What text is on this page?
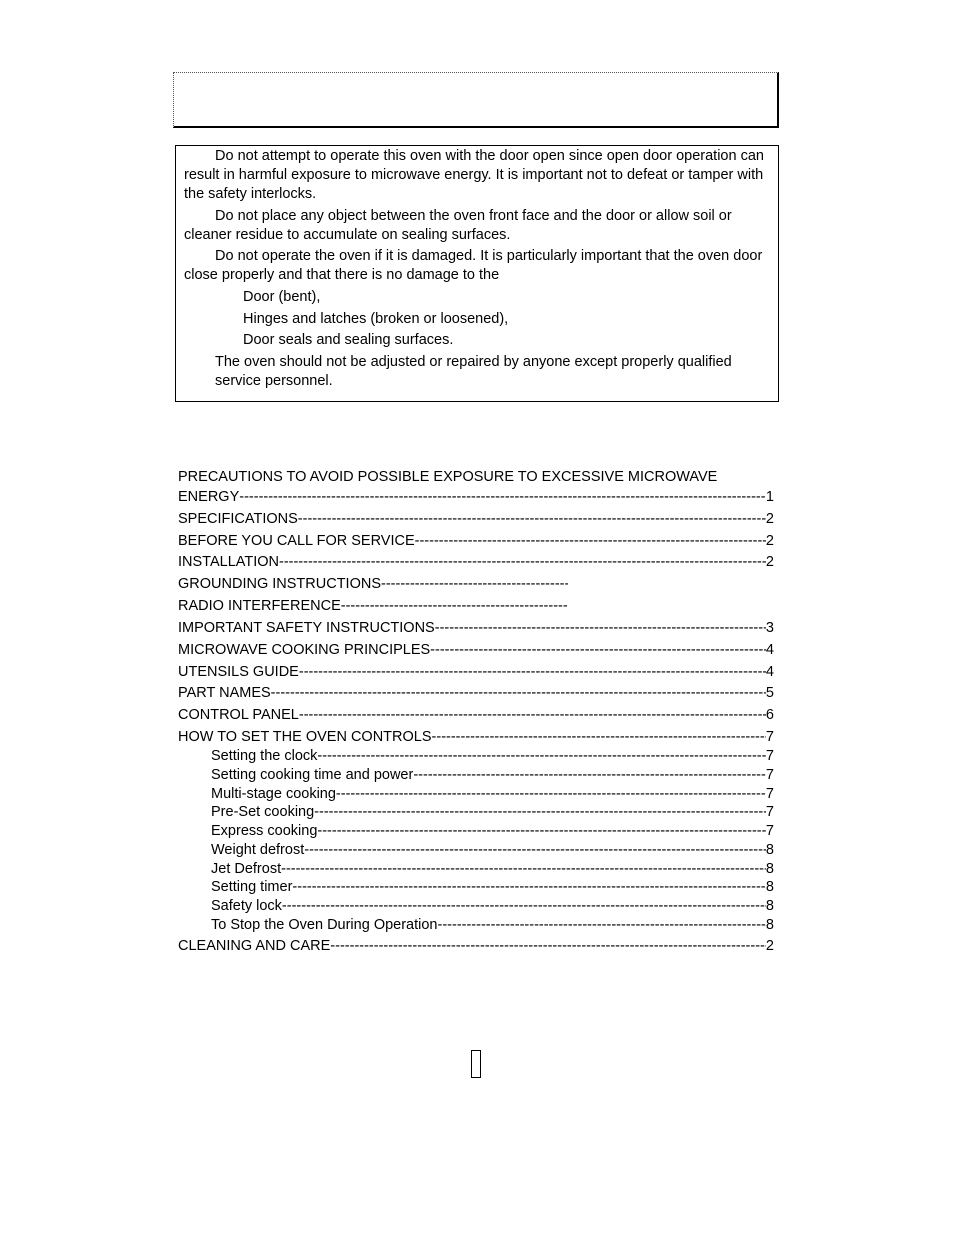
Do not attempt to operate this oven with the door open since open door operation can result in harmful exposure to microwave energy. It is important not to defeat or tamper with the safety interlocks.

Do not place any object between the oven front face and the door or allow soil or cleaner residue to accumulate on sealing surfaces.

Do not operate the oven if it is damaged. It is particularly important that the oven door close properly and that there is no damage to the

Door (bent),

Hinges and latches (broken or loosened),

Door seals and sealing surfaces.

The oven should not be adjusted or repaired by anyone except properly qualified service personnel.

PRECAUTIONS TO AVOID POSSIBLE EXPOSURE TO EXCESSIVE MICROWAVE
ENERGY -----	1
SPECIFICATIONS -----	2
BEFORE YOU CALL FOR SERVICE -----	2
INSTALLATION -----	2
GROUNDING INSTRUCTIONS
-----
RADIO INTERFERENCE
-----
IMPORTANT SAFETY INSTRUCTIONS -----	3
MICROWAVE COOKING PRINCIPLES -----	4
UTENSILS GUIDE -----	4
PART NAMES -----	5
CONTROL PANEL -----	6
HOW TO SET THE OVEN CONTROLS -----	7
Setting the clock -----	7
Setting cooking time and power -----	7
Multi-stage cooking -----	7
Pre-Set cooking -----	7
Express cooking -----	7
Weight defrost -----	8
Jet Defrost -----	8
Setting timer -----	8
Safety lock -----	8
To Stop the Oven During Operation -----	8
CLEANING AND CARE -----	2
